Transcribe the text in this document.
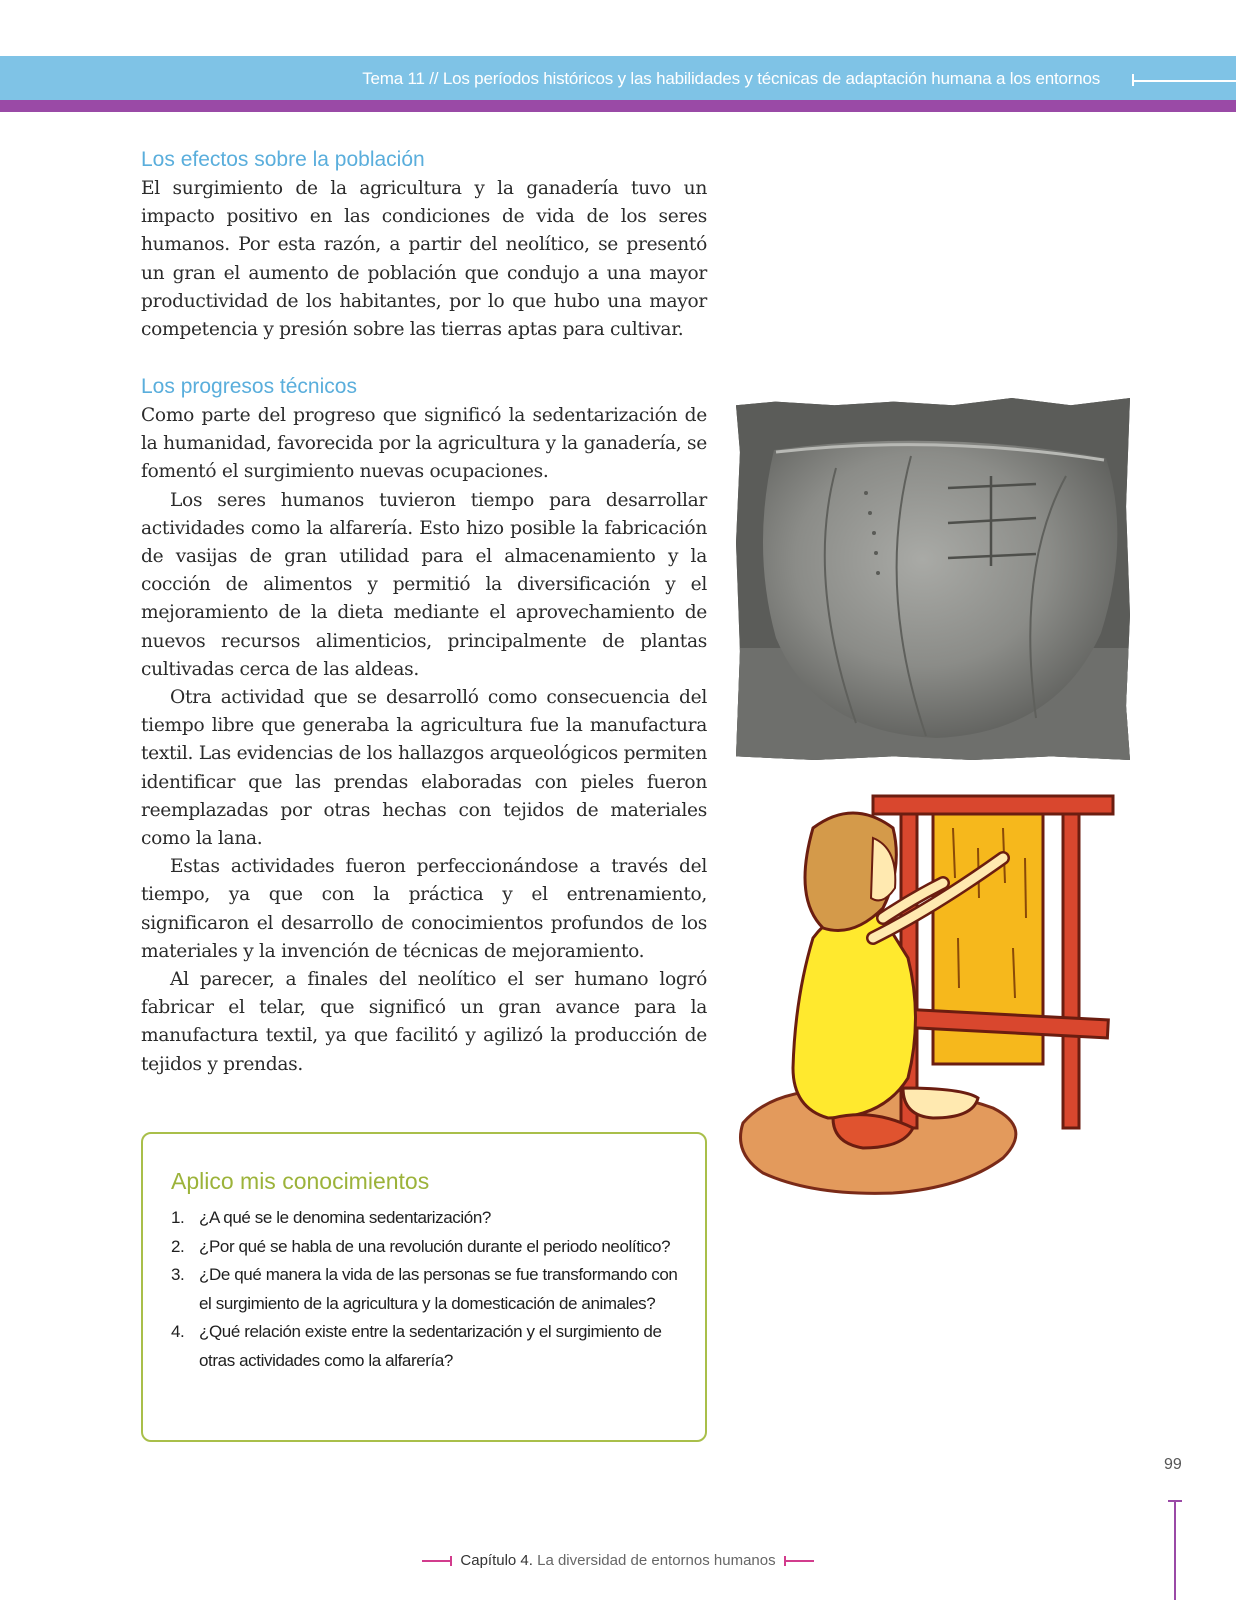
Tema 11 // Los períodos históricos y las habilidades y técnicas de adaptación humana a los entornos
Los efectos sobre la población

El surgimiento de la agricultura y la ganadería tuvo un impacto positivo en las condiciones de vida de los seres humanos. Por esta razón, a partir del neolítico, se presentó un gran el aumento de población que condujo a una mayor productividad de los habitantes, por lo que hubo una mayor competencia y presión sobre las tierras aptas para cultivar.

Los progresos técnicos

Como parte del progreso que significó la sedentarización de la humanidad, favorecida por la agricultura y la ganadería, se fomentó el surgimiento nuevas ocupaciones.

Los seres humanos tuvieron tiempo para desarrollar actividades como la alfarería. Esto hizo posible la fabricación de vasijas de gran utilidad para el almacenamiento y la cocción de alimentos y permitió la diversificación y el mejoramiento de la dieta mediante el aprovechamiento de nuevos recursos alimenticios, principalmente de plantas cultivadas cerca de las aldeas.

Otra actividad que se desarrolló como consecuencia del tiempo libre que generaba la agricultura fue la manufactura textil. Las evidencias de los hallazgos arqueológicos permiten identificar que las prendas elaboradas con pieles fueron reemplazadas por otras hechas con tejidos de materiales como la lana.

Estas actividades fueron perfeccionándose a través del tiempo, ya que con la práctica y el entrenamiento, significaron el desarrollo de conocimientos profundos de los materiales y la invención de técnicas de mejoramiento.

Al parecer, a finales del neolítico el ser humano logró fabricar el telar, que significó un gran avance para la manufactura textil, ya que facilitó y agilizó la producción de tejidos y prendas.

Aplico mis conocimientos
1. ¿A qué se le denomina sedentarización?
2. ¿Por qué se habla de una revolución durante el periodo neolítico?
3. ¿De qué manera la vida de las personas se fue transformando con el surgimiento de la agricultura y la domesticación de animales?
4. ¿Qué relación existe entre la sedentarización y el surgimiento de otras actividades como la alfarería?
99
Capítulo 4. La diversidad de entornos humanos
